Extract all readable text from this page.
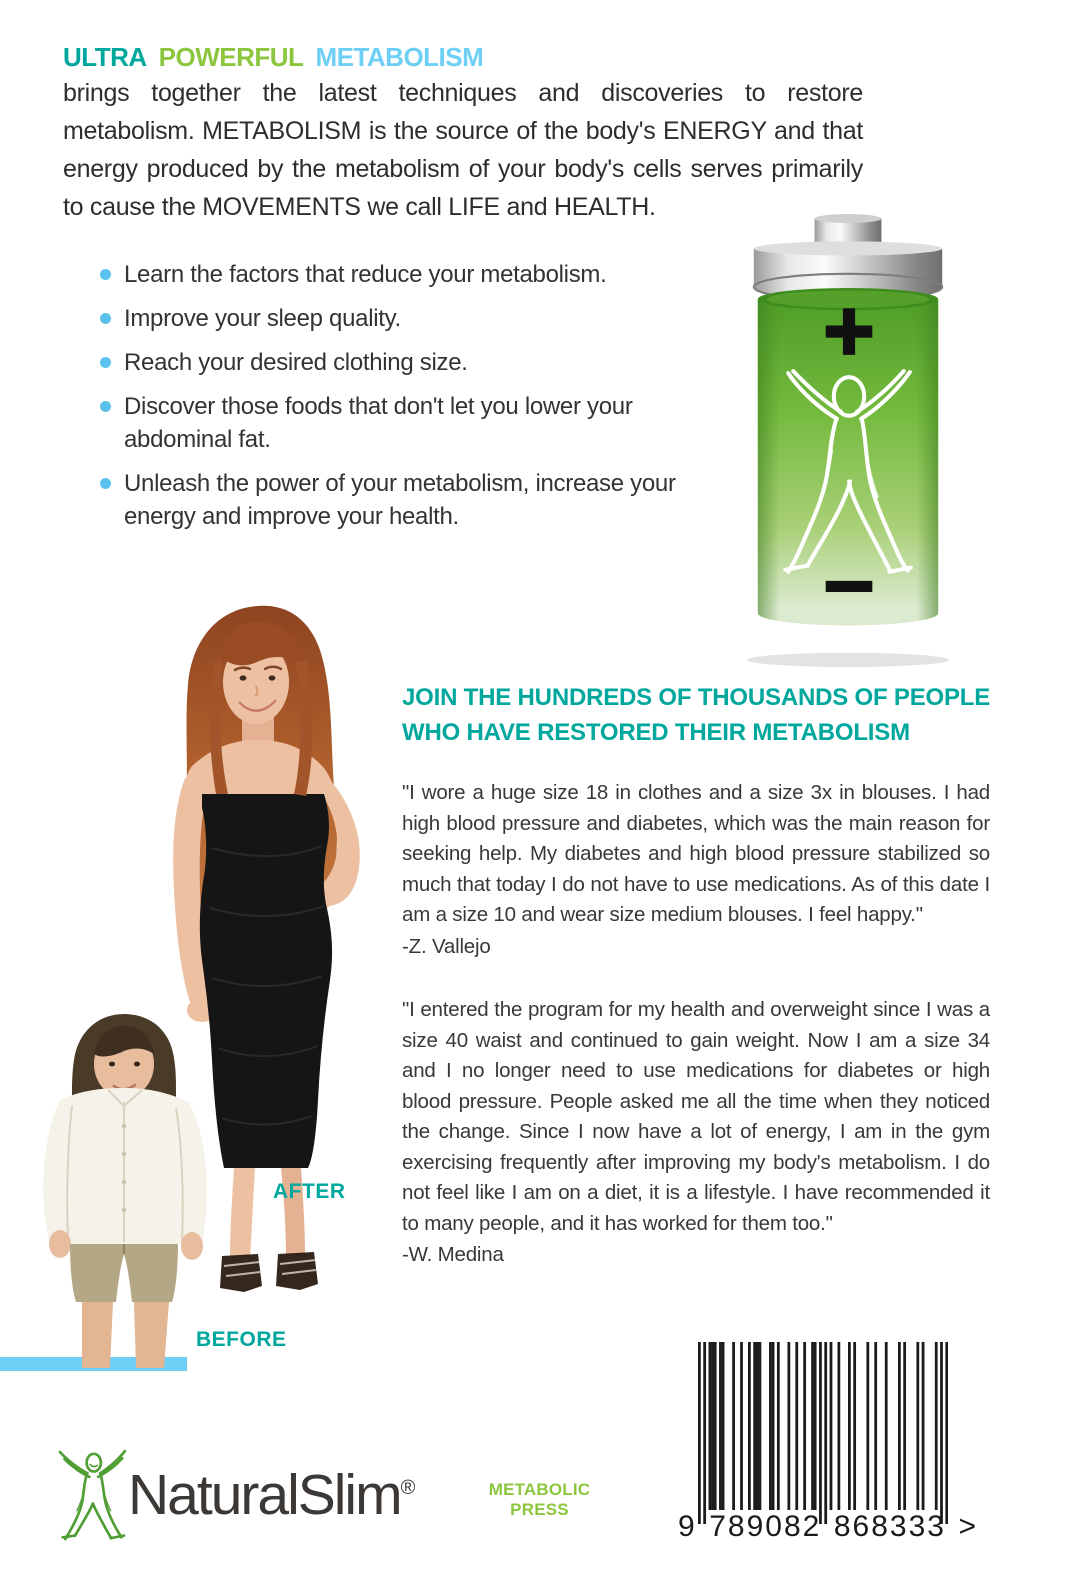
ULTRA POWERFUL METABOLISM
brings together the latest techniques and discoveries to restore metabolism. METABOLISM is the source of the body's ENERGY and that energy produced by the metabolism of your body's cells serves primarily to cause the MOVEMENTS we call LIFE and HEALTH.
Learn the factors that reduce your metabolism.
Improve your sleep quality.
Reach your desired clothing size.
Discover those foods that don't let you lower your abdominal fat.
Unleash the power of your metabolism, increase your energy and improve your health.
AFTER
BEFORE
JOIN THE HUNDREDS OF THOUSANDS OF PEOPLE
WHO HAVE RESTORED THEIR METABOLISM
"I wore a huge size 18 in clothes and a size 3x in blouses. I had high blood pressure and diabetes, which was the main reason for seeking help. My diabetes and high blood pressure stabilized so much that today I do not have to use medications. As of this date I am a size 10 and wear size medium blouses. I feel happy."
-Z. Vallejo
"I entered the program for my health and overweight since I was a size 40 waist and continued to gain weight. Now I am a size 34 and I no longer need to use medications for diabetes or high blood pressure. People asked me all the time when they noticed the change. Since I now have a lot of energy, I am in the gym exercising frequently after improving my body's metabolism. I do not feel like I am on a diet, it is a lifestyle. I have recommended it to many people, and it has worked for them too."
-W. Medina
NaturalSlim®	METABOLIC
PRESS
9 789082 868333 >
